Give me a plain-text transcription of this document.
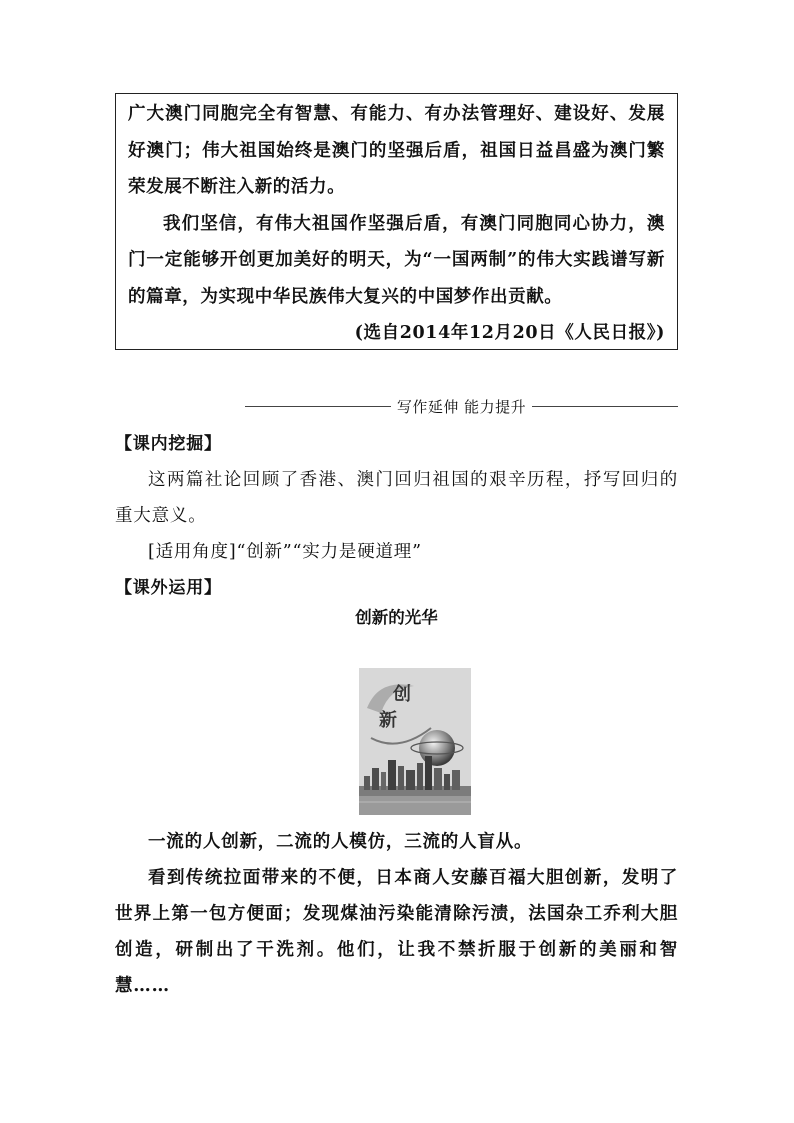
广大澳门同胞完全有智慧、有能力、有办法管理好、建设好、发展好澳门；伟大祖国始终是澳门的坚强后盾，祖国日益昌盛为澳门繁荣发展不断注入新的活力。

我们坚信，有伟大祖国作坚强后盾，有澳门同胞同心协力，澳门一定能够开创更加美好的明天，为“一国两制”的伟大实践谱写新的篇章，为实现中华民族伟大复兴的中国梦作出贡献。

(选自2014年12月20日《人民日报》)

写作延伸 能力提升

【课内挖掘】

这两篇社论回顾了香港、澳门回归祖国的艰辛历程，抒写回归的重大意义。

[适用角度]“创新”“实力是硬道理”

【课外运用】

创新的光华
创
新

一流的人创新，二流的人模仿，三流的人盲从。

看到传统拉面带来的不便，日本商人安藤百福大胆创新，发明了世界上第一包方便面；发现煤油污染能清除污渍，法国杂工乔利大胆创造，研制出了干洗剂。他们，让我不禁折服于创新的美丽和智慧……
